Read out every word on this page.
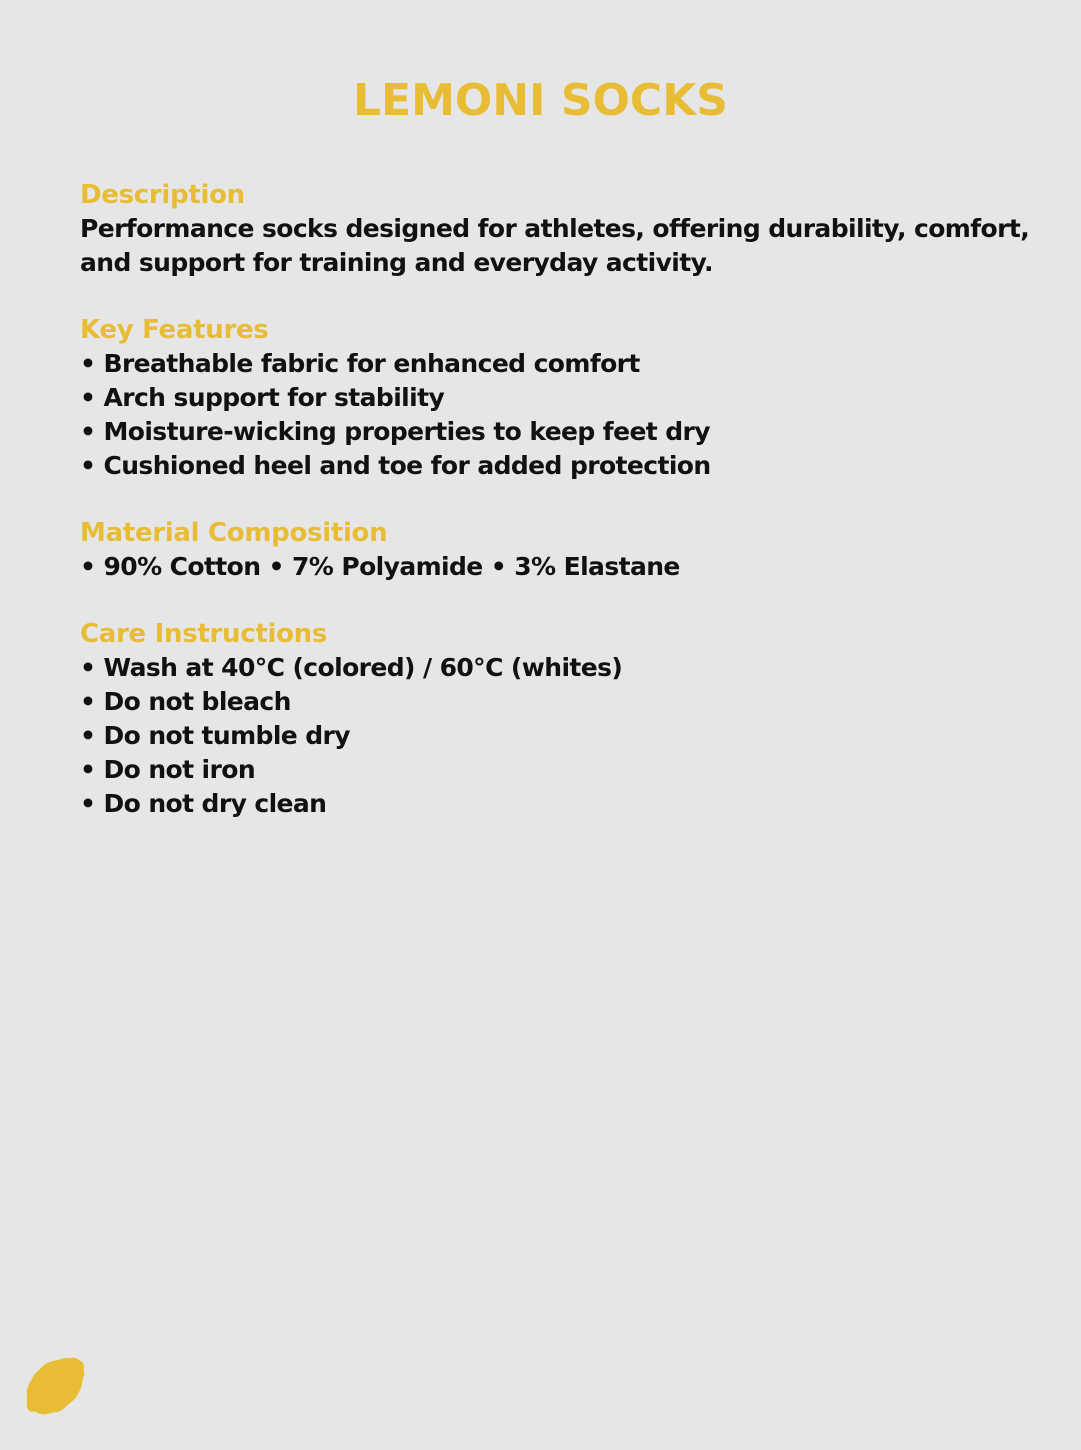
LEMONI SOCKS
Description

Performance socks designed for athletes, offering durability, comfort, and support for training and everyday activity.

Key Features
• Breathable fabric for enhanced comfort
• Arch support for stability
• Moisture-wicking properties to keep feet dry
• Cushioned heel and toe for added protection
Material Composition
• 90% Cotton • 7% Polyamide • 3% Elastane
Care Instructions
• Wash at 40°C (colored) / 60°C (whites)
• Do not bleach
• Do not tumble dry
• Do not iron
• Do not dry clean
